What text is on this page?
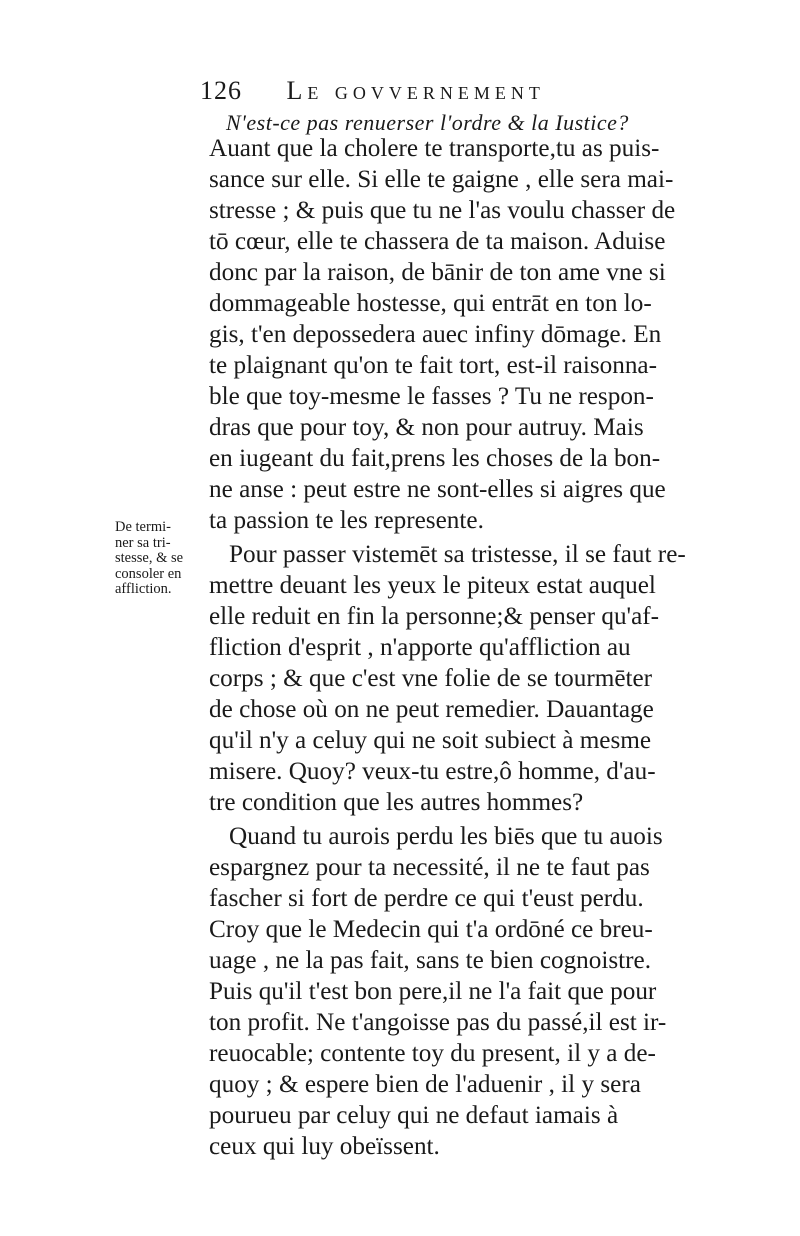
126 Le govvernement
N'est-ce pas renuerser l'ordre & la Iustice?
De termi-
ner sa tri-
stesse, & se
consoler en
affliction.
Auant que la cholere te transporte,tu as puis-
sance sur elle. Si elle te gaigne , elle sera mai-
stresse ; & puis que tu ne l'as voulu chasser de
tō cœur, elle te chassera de ta maison. Aduise
donc par la raison, de bānir de ton ame vne si
dommageable hostesse, qui entrāt en ton lo-
gis, t'en depossedera auec infiny dōmage. En
te plaignant qu'on te fait tort, est-il raisonna-
ble que toy-mesme le fasses ? Tu ne respon-
dras que pour toy, & non pour autruy. Mais
en iugeant du fait,prens les choses de la bon-
ne anse : peut estre ne sont-elles si aigres que
ta passion te les represente.
Pour passer vistemēt sa tristesse, il se faut re-
mettre deuant les yeux le piteux estat auquel
elle reduit en fin la personne;& penser qu'af-
fliction d'esprit , n'apporte qu'affliction au
corps ; & que c'est vne folie de se tourmēter
de chose où on ne peut remedier. Dauantage
qu'il n'y a celuy qui ne soit subiect à mesme
misere. Quoy? veux-tu estre,ô homme, d'au-
tre condition que les autres hommes?
Quand tu aurois perdu les biēs que tu auois
espargnez pour ta necessité, il ne te faut pas
fascher si fort de perdre ce qui t'eust perdu.
Croy que le Medecin qui t'a ordōné ce breu-
uage , ne la pas fait, sans te bien cognoistre.
Puis qu'il t'est bon pere,il ne l'a fait que pour
ton profit. Ne t'angoisse pas du passé,il est ir-
reuocable; contente toy du present, il y a de-
quoy ; & espere bien de l'aduenir , il y sera
pourueu par celuy qui ne defaut iamais à
ceux qui luy obeïssent.
